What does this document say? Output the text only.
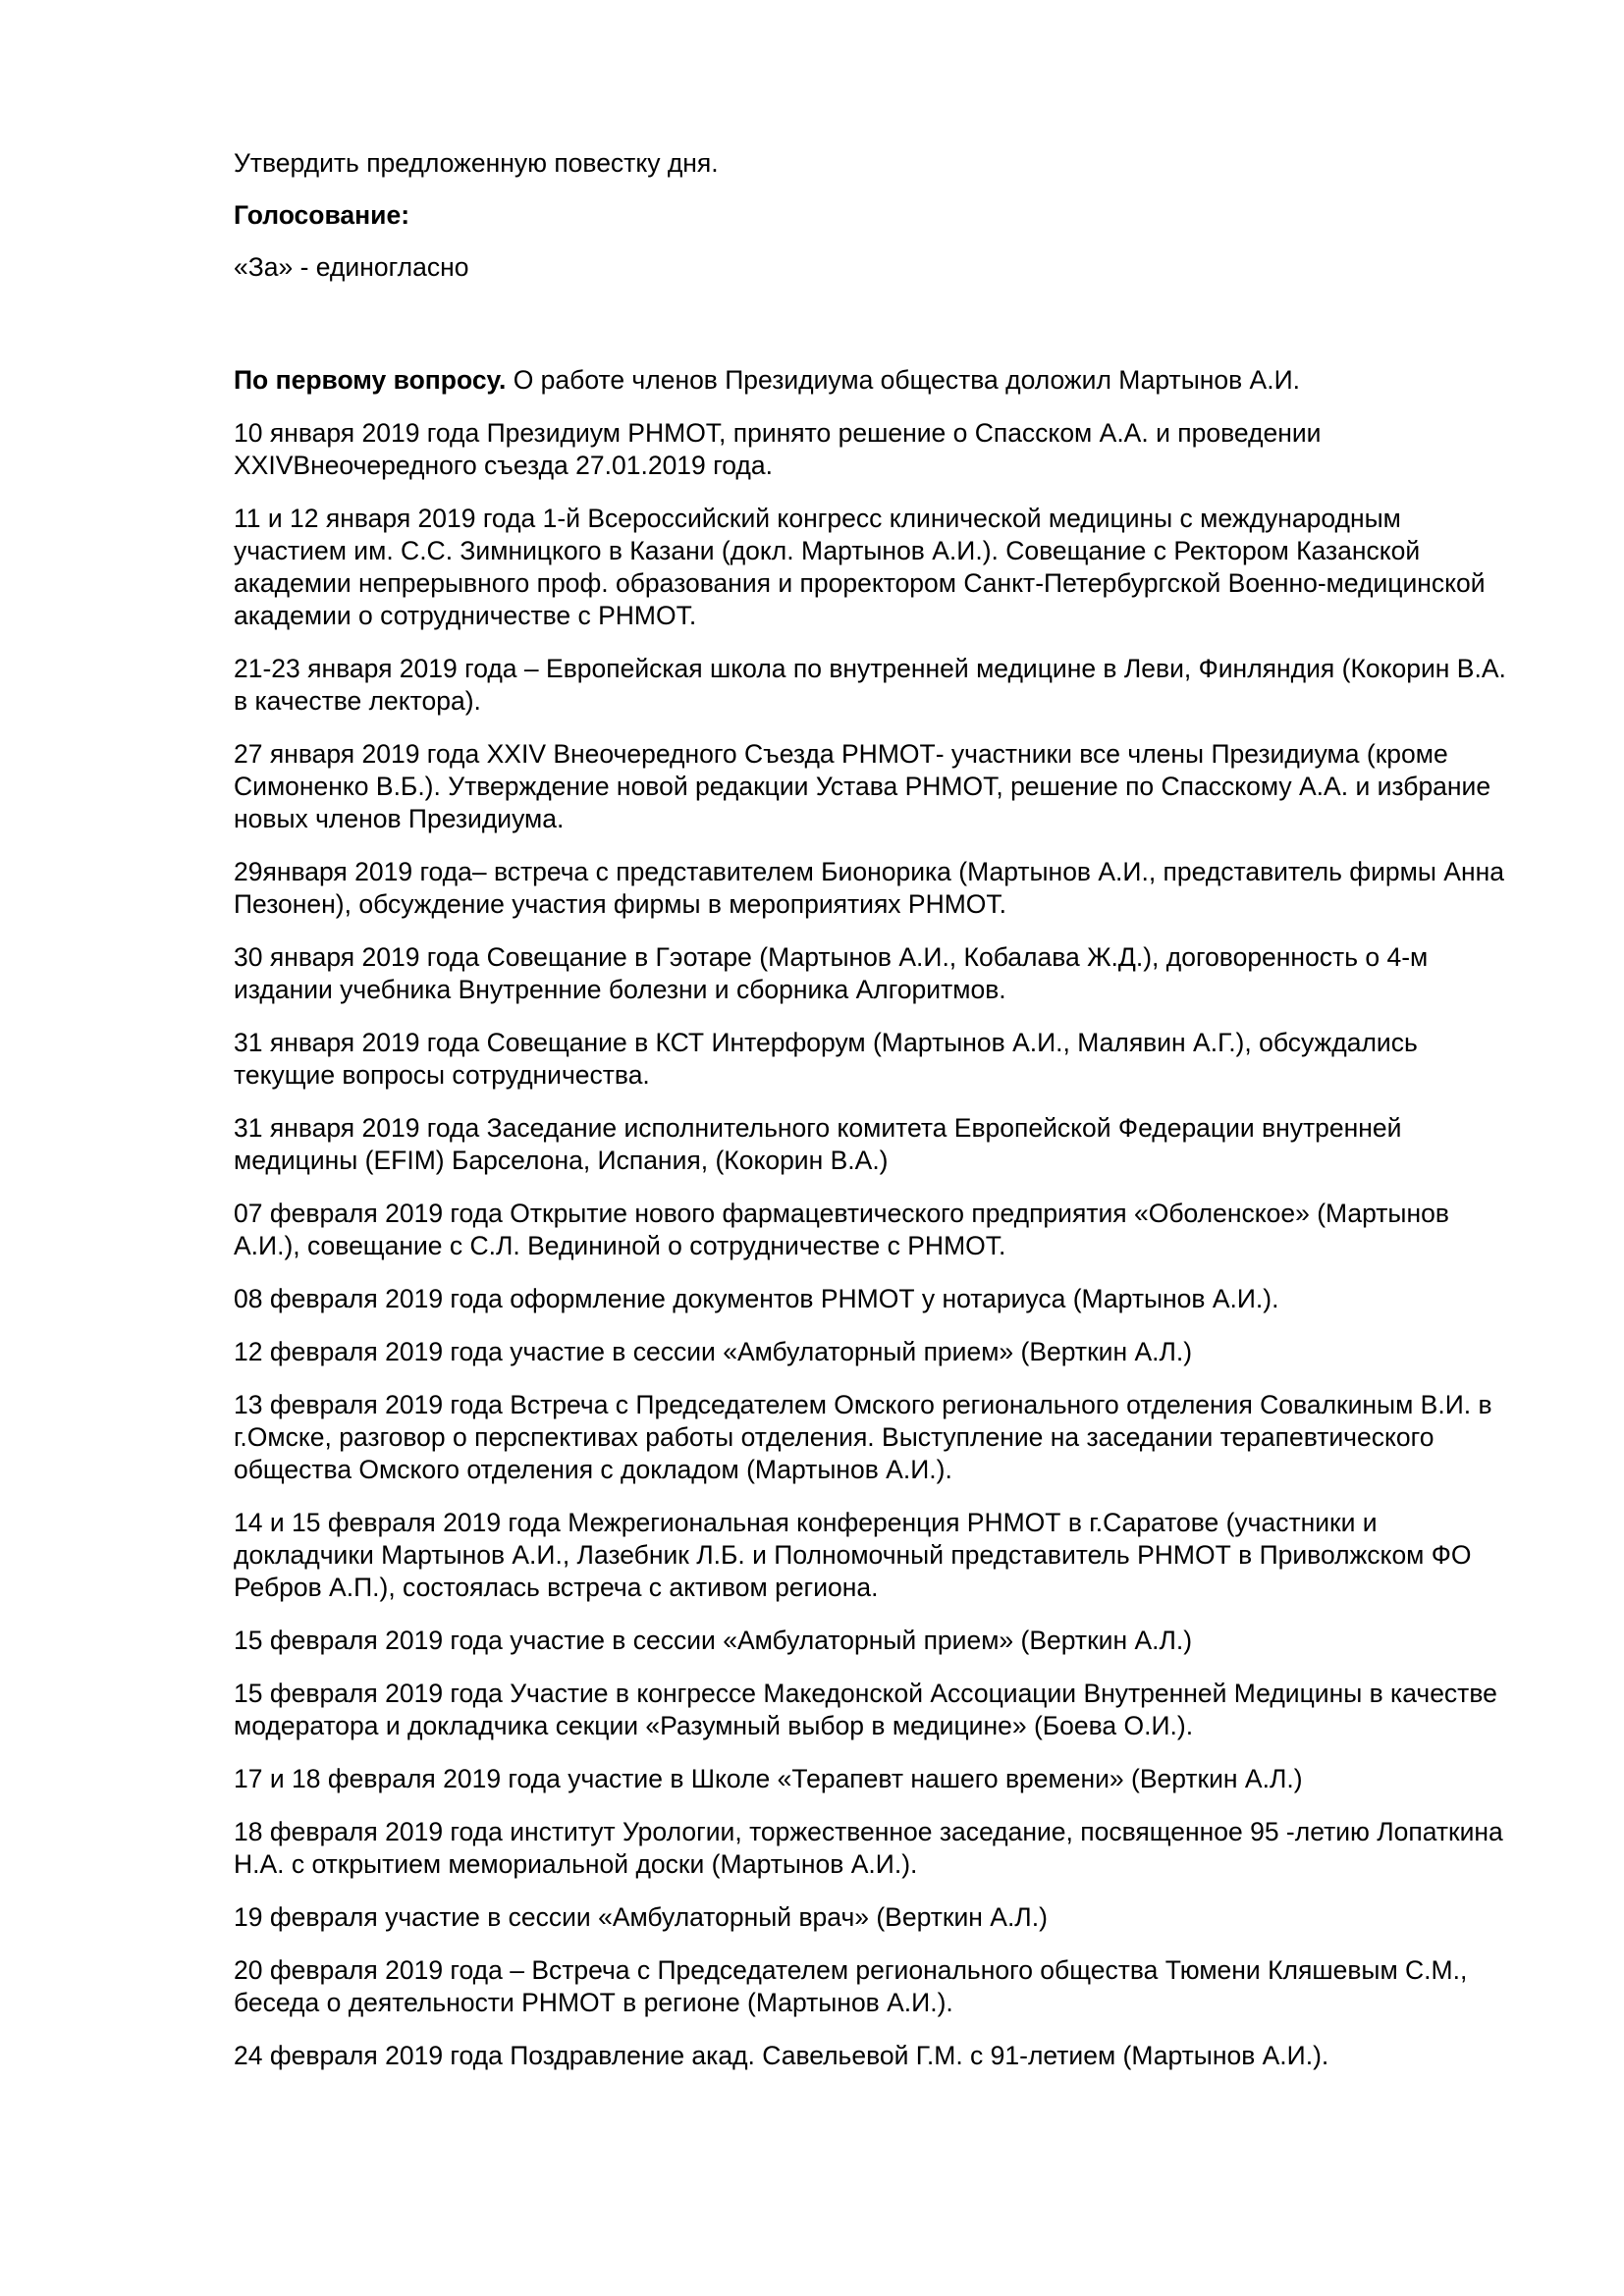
Утвердить предложенную повестку дня.

Голосование:

«За» - единогласно

По первому вопросу. О работе членов Президиума общества доложил Мартынов А.И.

10 января 2019 года Президиум РНМОТ, принято решение о Спасском А.А. и проведении XXIVВнеочередного съезда 27.01.2019 года.

11 и 12 января 2019 года 1-й Всероссийский конгресс клинической медицины с международным участием им. С.С. Зимницкого в Казани (докл. Мартынов А.И.). Совещание с Ректором Казанской академии непрерывного проф. образования и проректором Санкт-Петербургской Военно-медицинской академии о сотрудничестве с РНМОТ.

21-23 января 2019 года – Европейская школа по внутренней медицине в Леви, Финляндия (Кокорин В.А. в качестве лектора).

27 января 2019 года XXIV Внеочередного Съезда РНМОТ- участники все члены Президиума (кроме Симоненко В.Б.). Утверждение новой редакции Устава РНМОТ, решение по Спасскому А.А. и избрание новых членов Президиума.

29января 2019 года– встреча с представителем Бионорика (Мартынов А.И., представитель фирмы Анна Пезонен), обсуждение участия фирмы в мероприятиях РНМОТ.

30 января 2019 года Совещание в Гэотаре (Мартынов А.И., Кобалава Ж.Д.), договоренность о 4-м издании учебника Внутренние болезни и сборника Алгоритмов.

31 января 2019 года Совещание в КСТ Интерфорум (Мартынов А.И., Малявин А.Г.), обсуждались текущие вопросы сотрудничества.

31 января 2019 года Заседание исполнительного комитета Европейской Федерации внутренней медицины (EFIM) Барселона, Испания, (Кокорин В.А.)

07 февраля 2019 года Открытие нового фармацевтического предприятия «Оболенское» (Мартынов А.И.), совещание с С.Л. Ведининой о сотрудничестве с РНМОТ.

08 февраля 2019 года оформление документов РНМОТ у нотариуса (Мартынов А.И.).

12 февраля 2019 года участие в сессии «Амбулаторный прием» (Верткин А.Л.)

13 февраля 2019 года Встреча с Председателем Омского регионального отделения Совалкиным В.И. в г.Омске, разговор о перспективах работы отделения. Выступление на заседании терапевтического общества Омского отделения с докладом (Мартынов А.И.).

14 и 15 февраля 2019 года Межрегиональная конференция РНМОТ в г.Саратове (участники и докладчики Мартынов А.И., Лазебник Л.Б. и Полномочный представитель РНМОТ в Приволжском ФО Ребров А.П.), состоялась встреча с активом региона.

15 февраля 2019 года участие в сессии «Амбулаторный прием» (Верткин А.Л.)

15 февраля 2019 года Участие в конгрессе Македонской Ассоциации Внутренней Медицины в качестве модератора и докладчика секции «Разумный выбор в медицине» (Боева О.И.).

17 и 18 февраля 2019 года участие в Школе «Терапевт нашего времени» (Верткин А.Л.)

18 февраля 2019 года институт Урологии, торжественное заседание, посвященное 95 -летию Лопаткина Н.А. с открытием мемориальной доски (Мартынов А.И.).

19 февраля участие в сессии «Амбулаторный врач» (Верткин А.Л.)

20 февраля 2019 года – Встреча с Председателем регионального общества Тюмени Кляшевым С.М., беседа о деятельности РНМОТ в регионе (Мартынов А.И.).

24 февраля 2019 года Поздравление акад. Савельевой Г.М. с 91-летием (Мартынов А.И.).
